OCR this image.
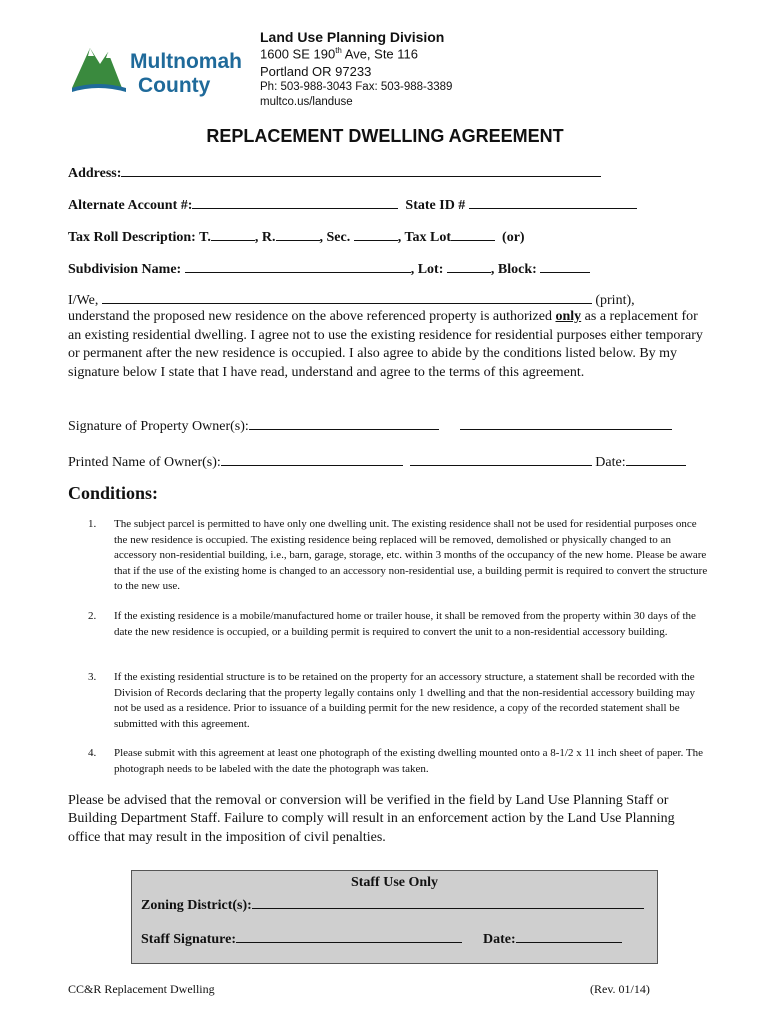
Multnomah
County
Land Use Planning Division
1600 SE 190th Ave, Ste 116
Portland OR 97233
Ph: 503-988-3043 Fax: 503-988-3389
multco.us/landuse
REPLACEMENT DWELLING AGREEMENT
Address:
Alternate Account #:	State ID #
Tax Roll Description: T.	, R.	, Sec.	, Tax Lot	(or)
Subdivision Name:	, Lot:	, Block:
I/We,	(print),
understand the proposed new residence on the above referenced property is authorized only as a replacement for an existing residential dwelling. I agree not to use the existing residence for residential purposes either temporary or permanent after the new residence is occupied. I also agree to abide by the conditions listed below. By my signature below I state that I have read, understand and agree to the terms of this agreement.
Signature of Property Owner(s):
Printed Name of Owner(s):	Date:
Conditions:
1. The subject parcel is permitted to have only one dwelling unit. The existing residence shall not be used for residential purposes once the new residence is occupied. The existing residence being replaced will be removed, demolished or physically changed to an accessory non-residential building, i.e., barn, garage, storage, etc. within 3 months of the occupancy of the new home. Please be aware that if the use of the existing home is changed to an accessory non-residential use, a building permit is required to convert the structure to the new use.
2. If the existing residence is a mobile/manufactured home or trailer house, it shall be removed from the property within 30 days of the date the new residence is occupied, or a building permit is required to convert the unit to a non-residential accessory building.
3. If the existing residential structure is to be retained on the property for an accessory structure, a statement shall be recorded with the Division of Records declaring that the property legally contains only 1 dwelling and that the non-residential accessory building may not be used as a residence. Prior to issuance of a building permit for the new residence, a copy of the recorded statement shall be submitted with this agreement.
4. Please submit with this agreement at least one photograph of the existing dwelling mounted onto a 8-1/2 x 11 inch sheet of paper. The photograph needs to be labeled with the date the photograph was taken.
Please be advised that the removal or conversion will be verified in the field by Land Use Planning Staff or Building Department Staff. Failure to comply will result in an enforcement action by the Land Use Planning office that may result in the imposition of civil penalties.
Staff Use Only
Zoning District(s):
Staff Signature:	Date:
CC&R Replacement Dwelling	(Rev. 01/14)
